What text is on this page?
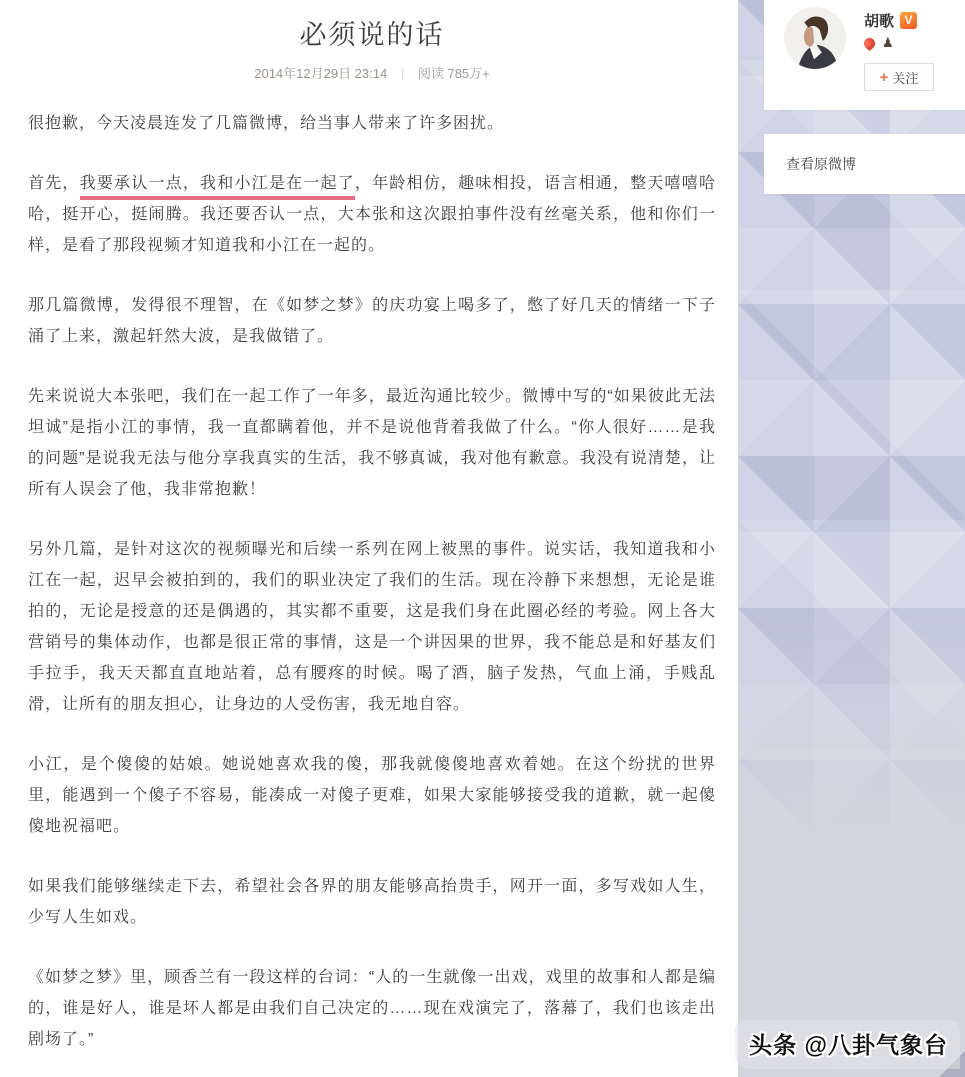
必须说的话
2014年12月29日 23:14 | 阅读 785万+

很抱歉，今天凌晨连发了几篇微博，给当事人带来了许多困扰。

首先，我要承认一点，我和小江是在一起了，年龄相仿，趣味相投，语言相通，整天嘻嘻哈哈，挺开心，挺闹腾。我还要否认一点，大本张和这次跟拍事件没有丝毫关系，他和你们一样，是看了那段视频才知道我和小江在一起的。

那几篇微博，发得很不理智，在《如梦之梦》的庆功宴上喝多了，憋了好几天的情绪一下子涌了上来，激起轩然大波，是我做错了。

先来说说大本张吧，我们在一起工作了一年多，最近沟通比较少。微博中写的“如果彼此无法坦诚”是指小江的事情，我一直都瞒着他，并不是说他背着我做了什么。“你人很好……是我的问题”是说我无法与他分享我真实的生活，我不够真诚，我对他有歉意。我没有说清楚，让所有人误会了他，我非常抱歉！

另外几篇，是针对这次的视频曝光和后续一系列在网上被黑的事件。说实话，我知道我和小江在一起，迟早会被拍到的，我们的职业决定了我们的生活。现在冷静下来想想，无论是谁拍的，无论是授意的还是偶遇的，其实都不重要，这是我们身在此圈必经的考验。网上各大营销号的集体动作，也都是很正常的事情，这是一个讲因果的世界，我不能总是和好基友们手拉手，我天天都直直地站着，总有腰疼的时候。喝了酒，脑子发热，气血上涌，手贱乱滑，让所有的朋友担心，让身边的人受伤害，我无地自容。

小江，是个傻傻的姑娘。她说她喜欢我的傻，那我就傻傻地喜欢着她。在这个纷扰的世界里，能遇到一个傻子不容易，能凑成一对傻子更难，如果大家能够接受我的道歉，就一起傻傻地祝福吧。

如果我们能够继续走下去，希望社会各界的朋友能够高抬贵手，网开一面，多写戏如人生，少写人生如戏。

《如梦之梦》里，顾香兰有一段这样的台词：“人的一生就像一出戏，戏里的故事和人都是编的，谁是好人，谁是坏人都是由我们自己决定的……现在戏演完了，落幕了，我们也该走出剧场了。”

胡歌 V
♟
+ 关注
查看原微博
头条 @八卦气象台
